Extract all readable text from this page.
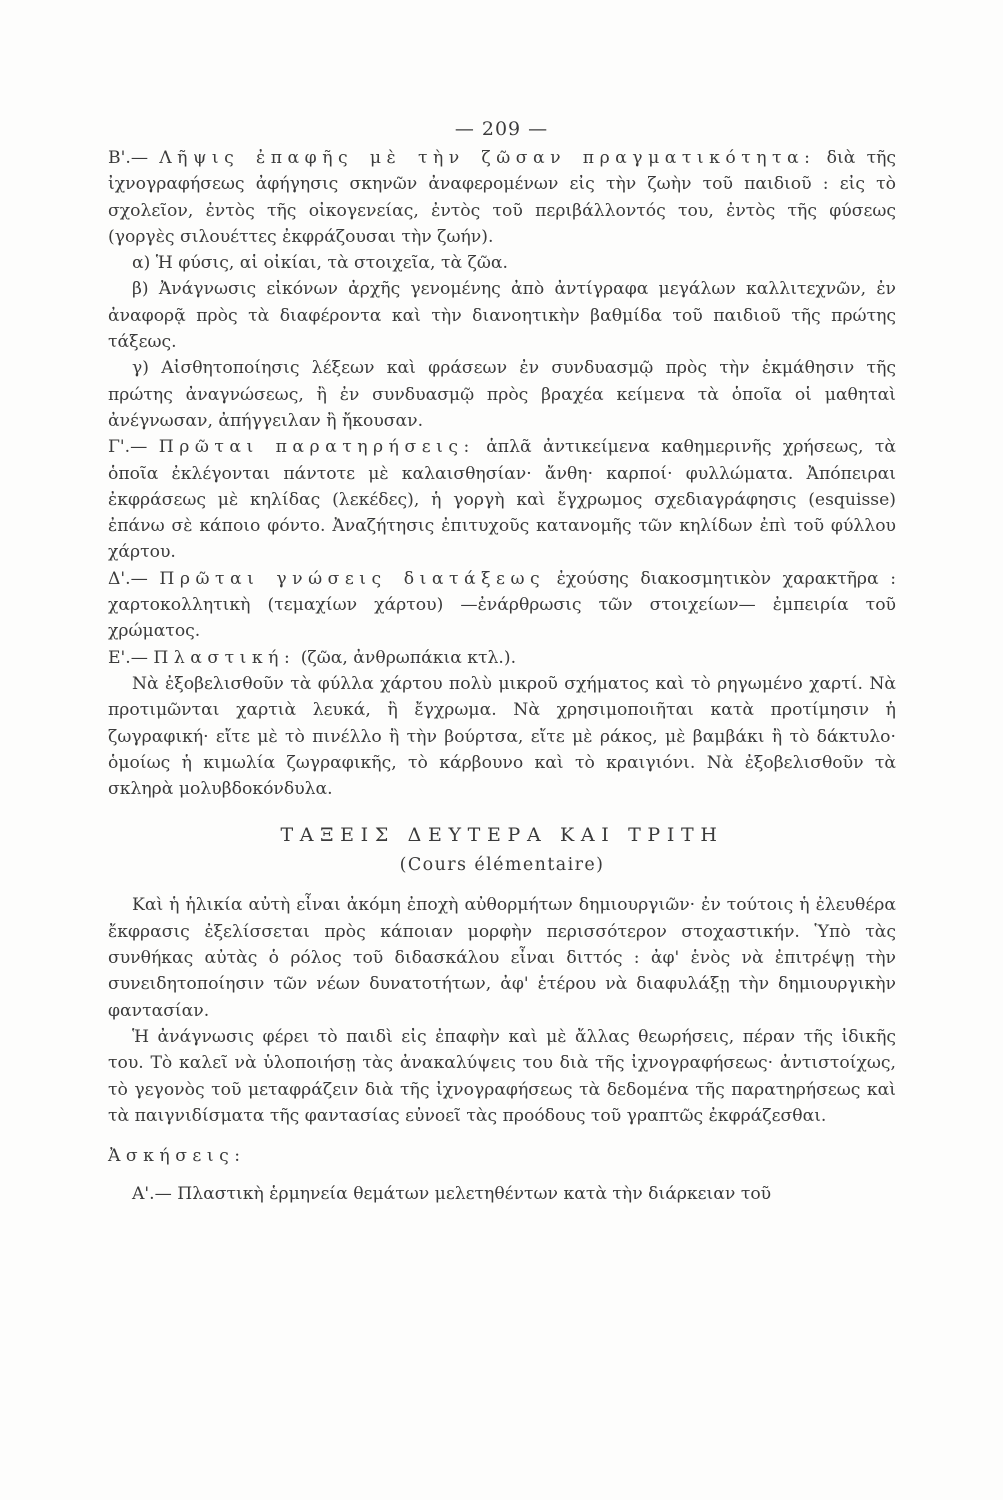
— 209 —

Β'.— Λῆψις ἐπαφῆς μὲ τὴν ζῶσαν πραγματικότητα: διὰ τῆς ἰχνογραφήσεως ἀφήγησις σκηνῶν ἀναφερομένων εἰς τὴν ζωὴν τοῦ παιδιοῦ : εἰς τὸ σχολεῖον, ἐντὸς τῆς οἰκογενείας, ἐντὸς τοῦ περιβάλλοντός του, ἐντὸς τῆς φύσεως (γοργὲς σιλουέττες ἐκφράζουσαι τὴν ζωήν).

α) Ἡ φύσις, αἱ οἰκίαι, τὰ στοιχεῖα, τὰ ζῶα.

β) Ἀνάγνωσις εἰκόνων ἀρχῆς γενομένης ἀπὸ ἀντίγραφα μεγάλων καλλιτεχνῶν, ἐν ἀναφορᾷ πρὸς τὰ διαφέροντα καὶ τὴν διανοητικὴν βαθμίδα τοῦ παιδιοῦ τῆς πρώτης τάξεως.

γ) Αἰσθητοποίησις λέξεων καὶ φράσεων ἐν συνδυασμῷ πρὸς τὴν ἐκμάθησιν τῆς πρώτης ἀναγνώσεως, ἢ ἐν συνδυασμῷ πρὸς βραχέα κείμενα τὰ ὁποῖα οἱ μαθηταὶ ἀνέγνωσαν, ἀπήγγειλαν ἢ ἤκουσαν.

Γ'.— Πρῶται παρατηρήσεις: ἁπλᾶ ἀντικείμενα καθημερινῆς χρήσεως, τὰ ὁποῖα ἐκλέγονται πάντοτε μὲ καλαισθησίαν· ἄνθη· καρποί· φυλλώματα. Ἀπόπειραι ἐκφράσεως μὲ κηλίδας (λεκέδες), ἡ γοργὴ καὶ ἔγχρωμος σχεδιαγράφησις (esquisse) ἐπάνω σὲ κάποιο φόντο. Ἀναζήτησις ἐπιτυχοῦς κατανομῆς τῶν κηλίδων ἐπὶ τοῦ φύλλου χάρτου.

Δ'.— Πρῶται γνώσεις διατάξεως ἐχούσης διακοσμητικὸν χαρακτῆρα : χαρτοκολλητικὴ (τεμαχίων χάρτου) —ἐνάρθρωσις τῶν στοιχείων— ἐμπειρία τοῦ χρώματος.

Ε'.— Πλαστική: (ζῶα, ἀνθρωπάκια κτλ.).

Νὰ ἐξοβελισθοῦν τὰ φύλλα χάρτου πολὺ μικροῦ σχήματος καὶ τὸ ρηγωμένο χαρτί. Νὰ προτιμῶνται χαρτιὰ λευκά, ἢ ἔγχρωμα. Νὰ χρησιμοποιῆται κατὰ προτίμησιν ἡ ζωγραφική· εἴτε μὲ τὸ πινέλλο ἢ τὴν βούρτσα, εἴτε μὲ ράκος, μὲ βαμβάκι ἢ τὸ δάκτυλο· ὁμοίως ἡ κιμωλία ζωγραφικῆς, τὸ κάρβουνο καὶ τὸ κραιγιόνι. Νὰ ἐξοβελισθοῦν τὰ σκληρὰ μολυβδοκόνδυλα.

ΤΑΞΕΙΣ ΔΕΥΤΕΡΑ ΚΑΙ ΤΡΙΤΗ
(Cours élémentaire)

Καὶ ἡ ἡλικία αὐτὴ εἶναι ἀκόμη ἐποχὴ αὐθορμήτων δημιουργιῶν· ἐν τούτοις ἡ ἐλευθέρα ἔκφρασις ἐξελίσσεται πρὸς κάποιαν μορφὴν περισσότερον στοχαστικήν. Ὑπὸ τὰς συνθήκας αὐτὰς ὁ ρόλος τοῦ διδασκάλου εἶναι διττός : ἀφ' ἑνὸς νὰ ἐπιτρέψῃ τὴν συνειδητοποίησιν τῶν νέων δυνατοτήτων, ἀφ' ἑτέρου νὰ διαφυλάξῃ τὴν δημιουργικὴν φαντασίαν.

Ἡ ἀνάγνωσις φέρει τὸ παιδὶ εἰς ἐπαφὴν καὶ μὲ ἄλλας θεωρήσεις, πέραν τῆς ἰδικῆς του. Τὸ καλεῖ νὰ ὑλοποιήσῃ τὰς ἀνακαλύψεις του διὰ τῆς ἰχνογραφήσεως· ἀντιστοίχως, τὸ γεγονὸς τοῦ μεταφράζειν διὰ τῆς ἰχνογραφήσεως τὰ δεδομένα τῆς παρατηρήσεως καὶ τὰ παιγνιδίσματα τῆς φαντασίας εὐνοεῖ τὰς προόδους τοῦ γραπτῶς ἐκφράζεσθαι.

Ἀσκήσεις:

Α'.— Πλαστικὴ ἑρμηνεία θεμάτων μελετηθέντων κατὰ τὴν διάρκειαν τοῦ
